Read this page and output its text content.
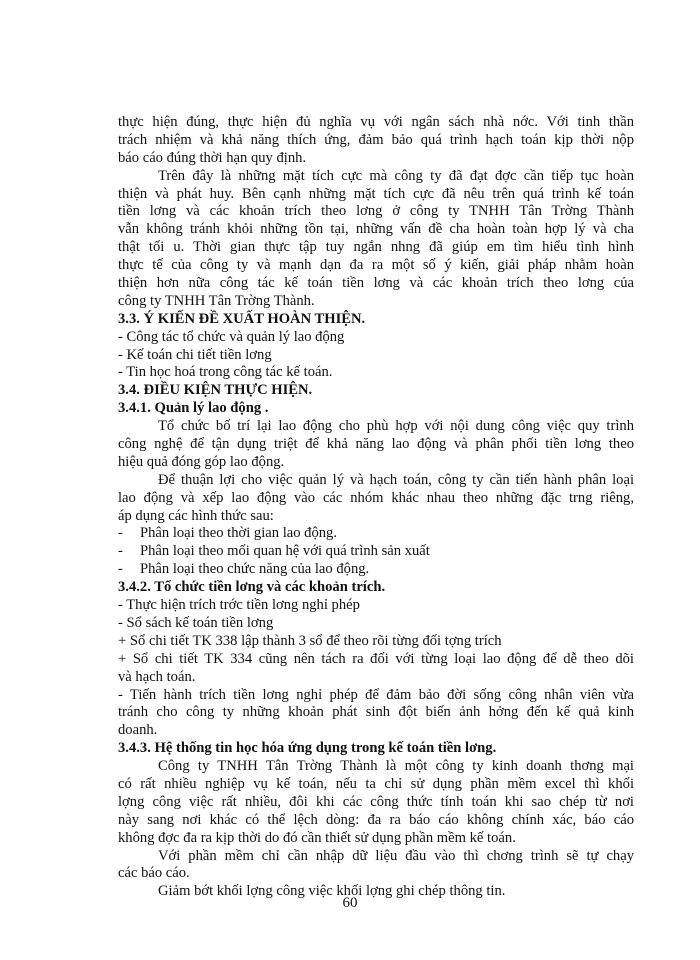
thực hiện đúng, thực hiện đủ nghĩa vụ với ngân sách nhà nớc. Với tinh thần
trách nhiệm và khả năng thích ứng, đảm bảo quá trình hạch toán kịp thời nộp
báo cáo đúng thời hạn quy định.
Trên đây là những mặt tích cực mà công ty đã đạt đợc cần tiếp tục hoàn
thiện và phát huy. Bên cạnh những mặt tích cực đã nêu trên quá trình kế toán
tiền lơng và các khoản trích theo lơng ở công ty TNHH Tân Trờng Thành
vẫn không tránh khỏi những tồn tại, những vấn đề cha hoàn toàn hợp lý và cha
thật tối u. Thời gian thực tập tuy ngắn nhng đã giúp em tìm hiểu tình hình
thực tế của công ty và mạnh dạn đa ra một số ý kiến, giải pháp nhằm hoàn
thiện hơn nữa công tác kế toán tiền lơng và các khoản trích theo lơng của
công ty TNHH Tân Trờng Thành.
3.3. Ý KIẾN ĐỀ XUẤT HOÀN THIỆN.
- Công tác tổ chức và quản lý lao động
- Kế toán chi tiết tiền lơng
- Tin học hoá trong công tác kế toán.
3.4. ĐIỀU KIỆN THỰC HIỆN.
3.4.1. Quản lý lao động .
Tổ chức bố trí lại lao động cho phù hợp với nội dung công việc quy trình
công nghệ để tận dụng triệt để khả năng lao động và phân phối tiền lơng theo
hiệu quả đóng góp lao động.
Để thuận lợi cho việc quản lý và hạch toán, công ty cần tiến hành phân loại
lao động và xếp lao động vào các nhóm khác nhau theo những đặc trng riêng,
áp dụng các hình thức sau:
-	Phân loại theo thời gian lao động.
-	Phân loại theo mối quan hệ với quá trình sản xuất
-	Phân loại theo chức năng của lao động.
3.4.2. Tổ chức tiền lơng và các khoản trích.
- Thực hiện trích trớc tiền lơng nghỉ phép
- Sổ sách kế toán tiền lơng
+ Sổ chi tiết TK 338 lập thành 3 sổ để theo rõi từng đối tợng trích
+ Sổ chi tiết TK 334 cũng nên tách ra đối với từng loại lao động để dễ theo dõi
và hạch toán.
- Tiến hành trích tiền lơng nghỉ phép để đảm bảo đời sống công nhân viên vừa
tránh cho công ty những khoản phát sinh đột biến ảnh hởng đến kế quả kinh
doanh.
3.4.3. Hệ thống tin học hóa ứng dụng trong kế toán tiền lơng.
Công ty TNHH Tân Trờng Thành là một công ty kinh doanh thơng mại
có rất nhiều nghiệp vụ kế toán, nếu ta chỉ sử dụng phần mềm excel thì khối
lợng công việc rất nhiều, đôi khi các công thức tính toán khi sao chép từ nơi
này sang nơi khác có thể lệch dòng: đa ra báo cáo không chính xác, báo cáo
không đợc đa ra kịp thời do đó cần thiết sử dụng phần mềm kế toán.
Với phần mềm chỉ cần nhập dữ liệu đầu vào thì chơng trình sẽ tự chạy
các báo cáo.
Giảm bớt khối lợng công việc khối lợng ghi chép thông tin.
60
